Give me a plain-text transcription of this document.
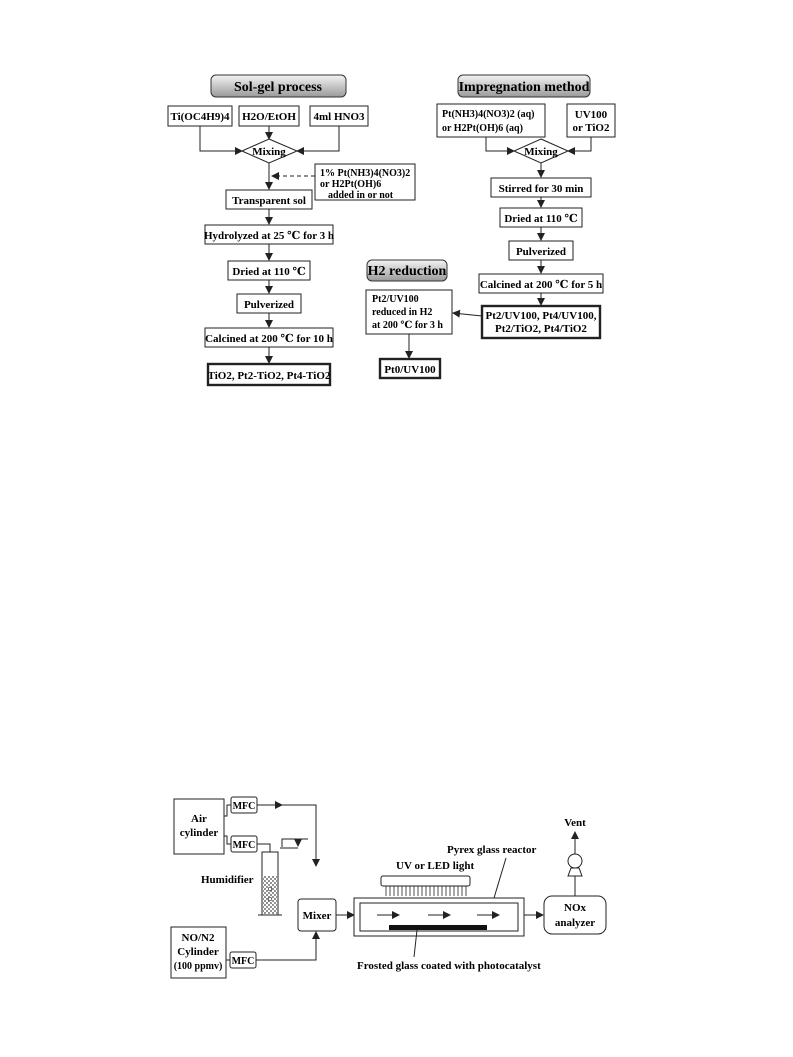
Sol-gel process
Ti(OC4H9)4 H2O/EtOH 4ml HNO3
Mixing
1% Pt(NH3)4(NO3)2
or H2Pt(OH)6
added in or not
Transparent sol
Hydrolyzed at 25 ℃ for 3 h
Dried at 110 ℃
Pulverized
Calcined at 200 ℃ for 10 h
TiO2, Pt2-TiO2, Pt4-TiO2
Impregnation method
Pt(NH3)4(NO3)2 (aq)
or H2Pt(OH)6 (aq)
UV100
or TiO2
Mixing
Stirred for 30 min
Dried at 110 ℃
Pulverized
Calcined at 200 ℃ for 5 h
Pt2/UV100, Pt4/UV100,
Pt2/TiO2, Pt4/TiO2
H2 reduction
Pt2/UV100
reduced in H2
at 200 ℃ for 3 h
Pt0/UV100
Air
cylinder
MFC
MFC
Humidifier
NO/N2
Cylinder
(100 ppmv) MFC
Mixer
UV or LED light
Pyrex glass reactor
Frosted glass coated with photocatalyst
NOx
analyzer
Vent
